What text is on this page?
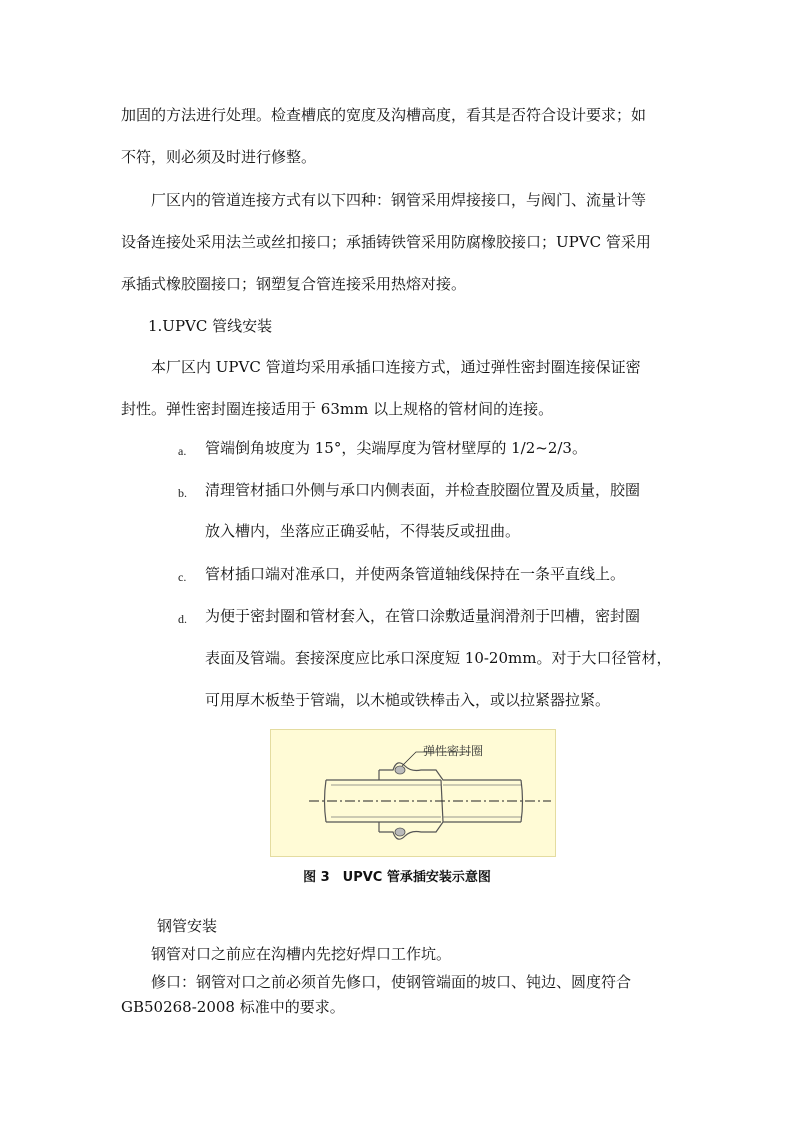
加固的方法进行处理。检查槽底的宽度及沟槽高度，看其是否符合设计要求；如
不符，则必须及时进行修整。
厂区内的管道连接方式有以下四种：钢管采用焊接接口，与阀门、流量计等
设备连接处采用法兰或丝扣接口；承插铸铁管采用防腐橡胶接口；UPVC 管采用
承插式橡胶圈接口；钢塑复合管连接采用热熔对接。
1.UPVC 管线安装
本厂区内 UPVC 管道均采用承插口连接方式，通过弹性密封圈连接保证密
封性。弹性密封圈连接适用于 63mm 以上规格的管材间的连接。
a. 管端倒角坡度为 15°，尖端厚度为管材壁厚的 1/2~2/3。
b. 清理管材插口外侧与承口内侧表面，并检查胶圈位置及质量，胶圈
放入槽内，坐落应正确妥帖，不得装反或扭曲。
c. 管材插口端对准承口，并使两条管道轴线保持在一条平直线上。
d. 为便于密封圈和管材套入，在管口涂敷适量润滑剂于凹槽，密封圈
表面及管端。套接深度应比承口深度短 10-20mm。对于大口径管材，
可用厚木板垫于管端，以木槌或铁棒击入，或以拉紧器拉紧。
弹性密封圈
图 3　UPVC 管承插安装示意图
钢管安装
钢管对口之前应在沟槽内先挖好焊口工作坑。
修口：钢管对口之前必须首先修口，使钢管端面的坡口、钝边、圆度符合
GB50268-2008 标准中的要求。
